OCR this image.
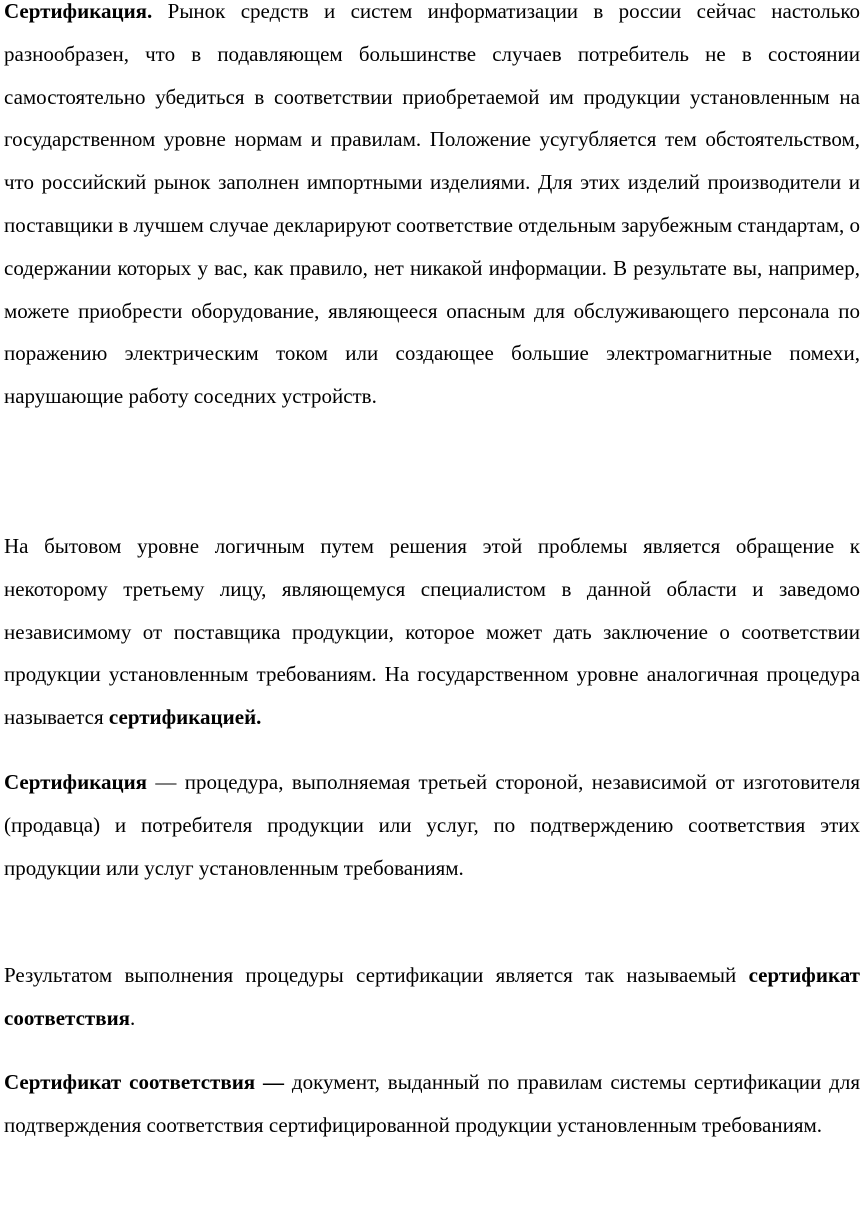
Сертификация. Рынок средств и систем информатизации в россии сейчас настолько разнообразен, что в подавляющем большинстве случаев потребитель не в состоянии самостоятельно убедиться в соответствии приобретаемой им продукции установленным на государственном уровне нормам и правилам. Положение усугубляется тем обстоятельством, что российский рынок заполнен импортными изделиями. Для этих изделий производители и поставщики в лучшем случае декларируют соответствие отдельным зарубежным стандартам, о содержании которых у вас, как правило, нет никакой информации. В результате вы, например, можете приобрести оборудование, являющееся опасным для обслуживающего персонала по поражению электрическим током или создающее большие электромагнитные помехи, нарушающие работу соседних устройств.

На бытовом уровне логичным путем решения этой проблемы является обращение к некоторому третьему лицу, являющемуся специалистом в данной области и заведомо независимому от поставщика продукции, которое может дать заключение о соответствии продукции установленным требованиям. На государственном уровне аналогичная процедура называется сертификацией.

Сертификация — процедура, выполняемая третьей стороной, независимой от изготовителя (продавца) и потребителя продукции или услуг, по подтверждению соответствия этих продукции или услуг установленным требованиям.

Результатом выполнения процедуры сертификации является так называемый сертификат соответствия.

Сертификат соответствия — документ, выданный по правилам системы сертификации для подтверждения соответствия сертифицированной продукции установленным требованиям.
